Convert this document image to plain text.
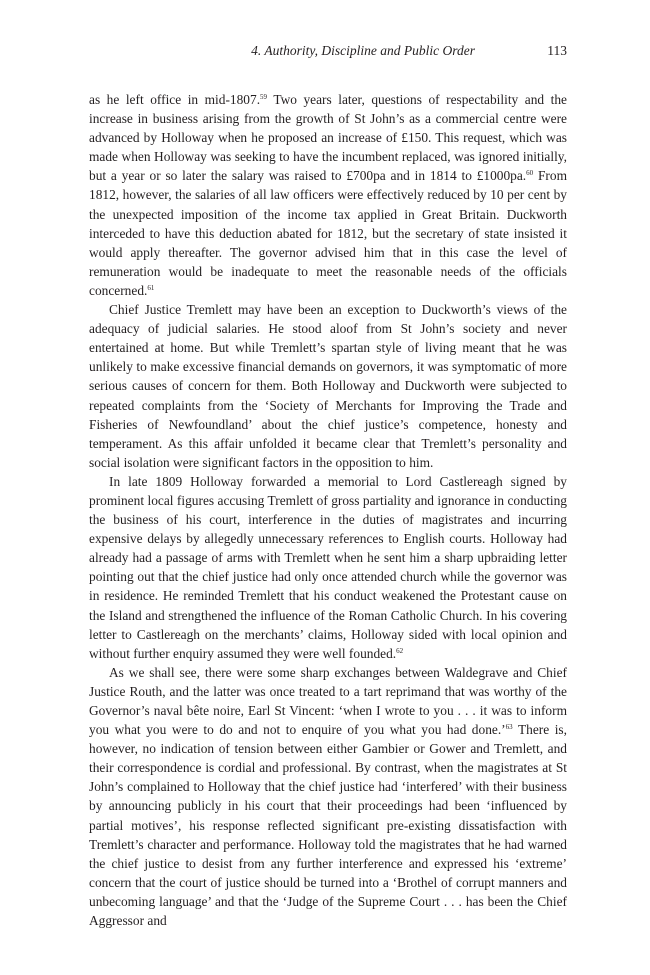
4. Authority, Discipline and Public Order	113

as he left office in mid-1807.59 Two years later, questions of respectability and the increase in business arising from the growth of St John’s as a commercial centre were advanced by Holloway when he proposed an increase of £150. This request, which was made when Holloway was seeking to have the incumbent replaced, was ignored initially, but a year or so later the salary was raised to £700pa and in 1814 to £1000pa.$^{60}$ From 1812, however, the salaries of all law officers were effectively reduced by 10 per cent by the unexpected imposition of the income tax applied in Great Britain. Duckworth interceded to have this deduction abated for 1812, but the secretary of state insisted it would apply thereafter. The governor advised him that in this case the level of remuneration would be inadequate to meet the reasonable needs of the officials concerned.$^{61}$

Chief Justice Tremlett may have been an exception to Duckworth’s views of the adequacy of judicial salaries. He stood aloof from St John’s society and never entertained at home. But while Tremlett’s spartan style of living meant that he was unlikely to make excessive financial demands on governors, it was symptomatic of more serious causes of concern for them. Both Holloway and Duckworth were subjected to repeated complaints from the ‘Society of Merchants for Improving the Trade and Fisheries of Newfoundland’ about the chief justice’s competence, honesty and temperament. As this affair unfolded it became clear that Tremlett’s personality and social isolation were significant factors in the opposition to him.

In late 1809 Holloway forwarded a memorial to Lord Castlereagh signed by prominent local figures accusing Tremlett of gross partiality and ignorance in conducting the business of his court, interference in the duties of magistrates and incurring expensive delays by allegedly unnecessary references to English courts. Holloway had already had a passage of arms with Tremlett when he sent him a sharp upbraiding letter pointing out that the chief justice had only once attended church while the governor was in residence. He reminded Tremlett that his conduct weakened the Protestant cause on the Island and strengthened the influence of the Roman Catholic Church. In his covering letter to Castlereagh on the merchants’ claims, Holloway sided with local opinion and without further enquiry assumed they were well founded.$^{62}$

As we shall see, there were some sharp exchanges between Waldegrave and Chief Justice Routh, and the latter was once treated to a tart reprimand that was worthy of the Governor’s naval bête noire, Earl St Vincent: ‘when I wrote to you . . . it was to inform you what you were to do and not to enquire of you what you had done.’$^{63}$ There is, however, no indication of tension between either Gambier or Gower and Tremlett, and their correspondence is cordial and professional. By contrast, when the magistrates at St John’s complained to Holloway that the chief justice had ‘interfered’ with their business by announcing publicly in his court that their proceedings had been ‘influenced by partial motives’, his response reflected significant pre-existing dissatisfaction with Tremlett’s character and performance. Holloway told the magistrates that he had warned the chief justice to desist from any further interference and expressed his ‘extreme’ concern that the court of justice should be turned into a ‘Brothel of corrupt manners and unbecoming language’ and that the ‘Judge of the Supreme Court . . . has been the Chief Aggressor and
